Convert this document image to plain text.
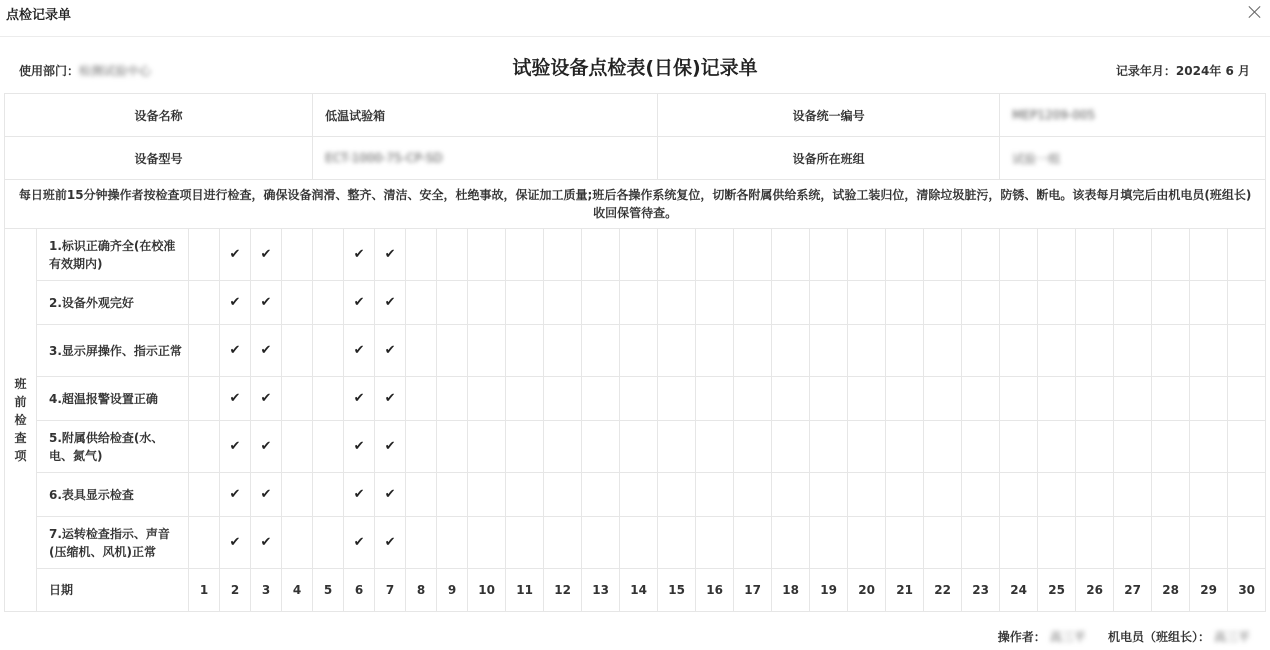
点检记录单
使用部门：检测试验中心	试验设备点检表(日保)记录单	记录年月：2024年 6 月
设备名称						低温试验箱										设备统一编号									MEP1209-005						
设备型号						ECT-1000-75-CP-SD										设备所在班组									试验一组						
每日班前15分钟操作者按检查项目进行检查，确保设备润滑、整齐、清洁、安全，杜绝事故，保证加工质量;班后各操作系统复位，切断各附属供给系统，试验工装归位，清除垃圾脏污，防锈、断电。该表每月填完后由机电员(班组长)收回保管待查。																															
班前检查项	1.标识正确齐全(在校准有效期内)		✔	✔			✔	✔																							
	2.设备外观完好		✔	✔			✔	✔																							
	3.显示屏操作、指示正常		✔	✔			✔	✔																							
	4.超温报警设置正确		✔	✔			✔	✔																							
	5.附属供给检查(水、电、氮气)		✔	✔			✔	✔																							
	6.表具显示检查		✔	✔			✔	✔																							
	7.运转检查指示、声音(压缩机、风机)正常		✔	✔			✔	✔																							
	日期	1	2	3	4	5	6	7	8	9	10	11	12	13	14	15	16	17	18	19	20	21	22	23	24	25	26	27	28	29	30
操作者： 高三平 机电员（班组长）： 高三平
